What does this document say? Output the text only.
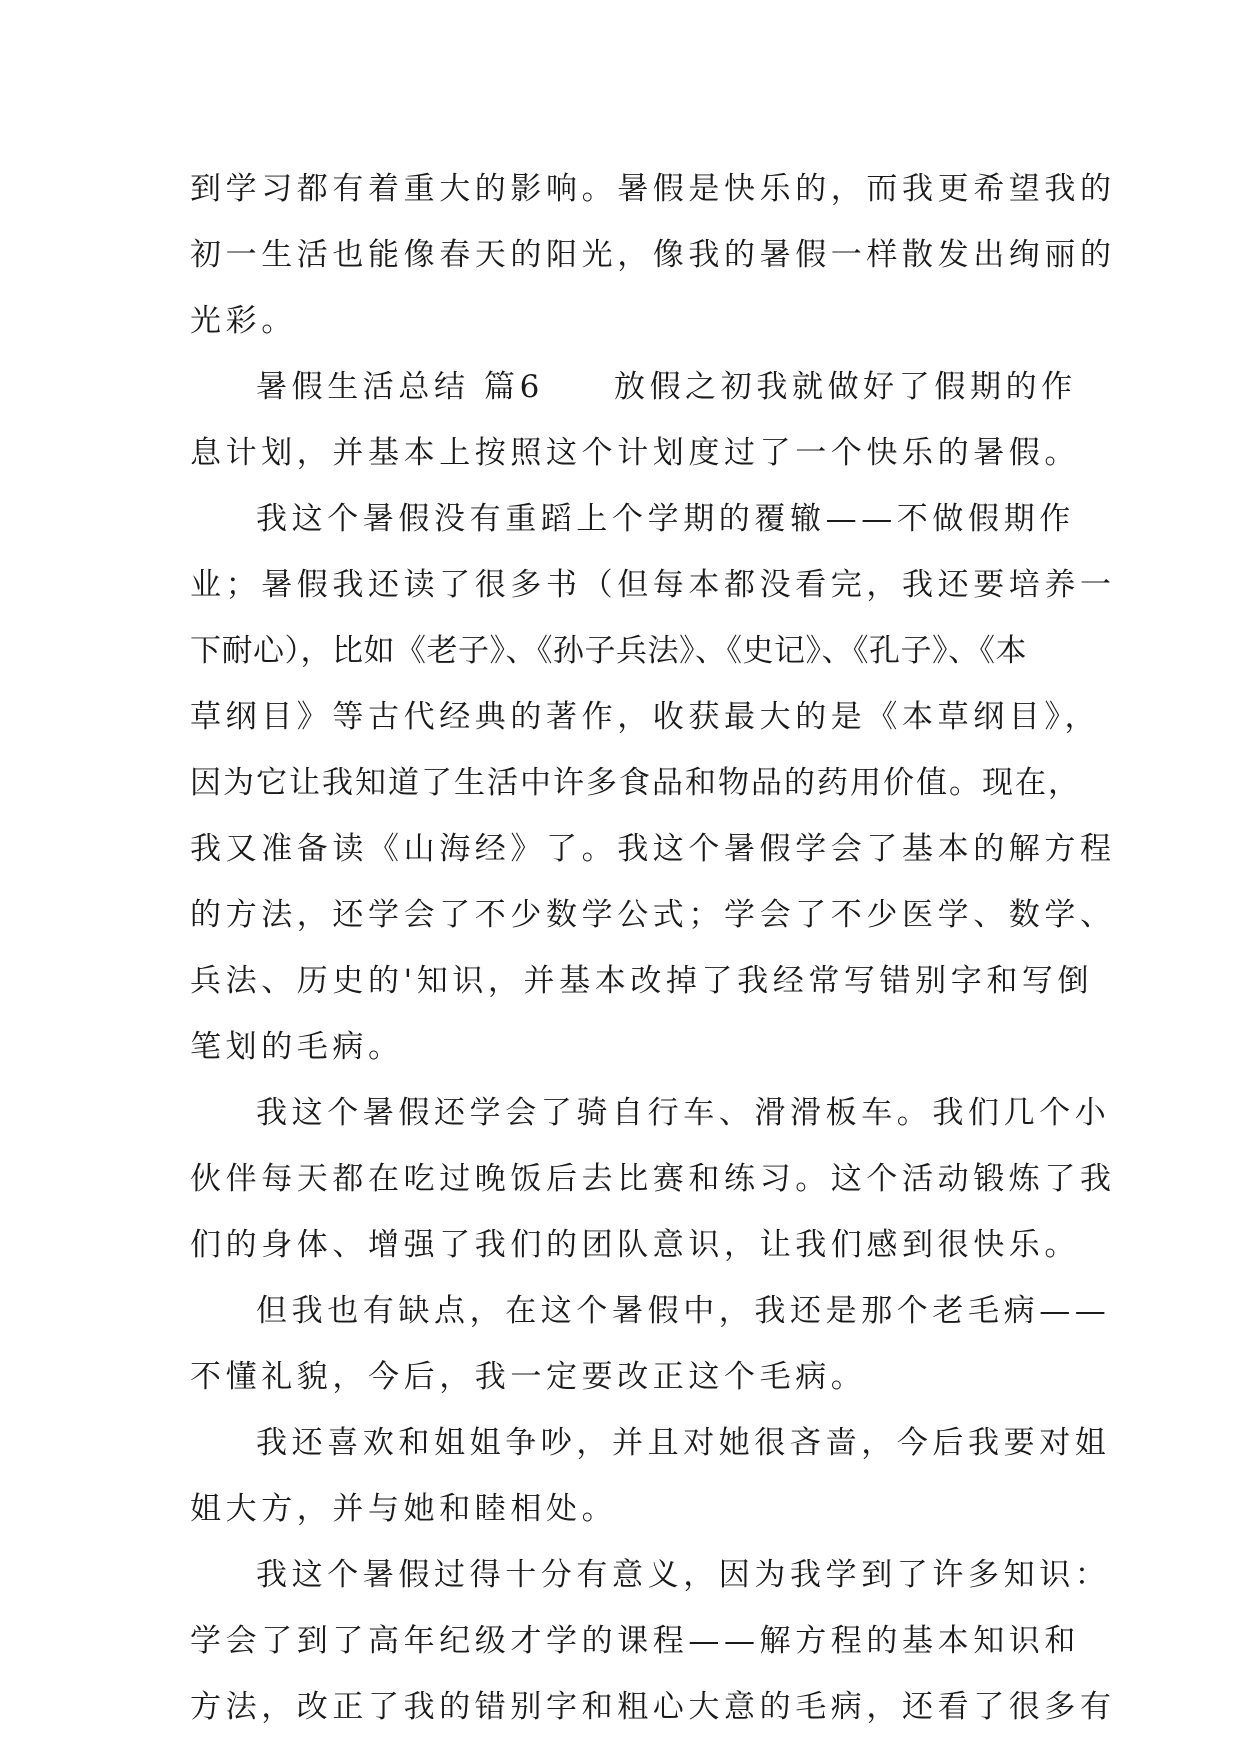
到学习都有着重大的影响。暑假是快乐的，而我更希望我的
初一生活也能像春天的阳光，像我的暑假一样散发出绚丽的
光彩。
暑假生活总结 篇6 放假之初我就做好了假期的作
息计划，并基本上按照这个计划度过了一个快乐的暑假。
我这个暑假没有重蹈上个学期的覆辙——不做假期作
业；暑假我还读了很多书（但每本都没看完，我还要培养一
下耐心），比如《老子》、《孙子兵法》、《史记》、《孔子》、《本
草纲目》等古代经典的著作，收获最大的是《本草纲目》，
因为它让我知道了生活中许多食品和物品的药用价值。现在，
我又准备读《山海经》了。我这个暑假学会了基本的解方程
的方法，还学会了不少数学公式；学会了不少医学、数学、
兵法、历史的'知识，并基本改掉了我经常写错别字和写倒
笔划的毛病。
我这个暑假还学会了骑自行车、滑滑板车。我们几个小
伙伴每天都在吃过晚饭后去比赛和练习。这个活动锻炼了我
们的身体、增强了我们的团队意识，让我们感到很快乐。
但我也有缺点，在这个暑假中，我还是那个老毛病——
不懂礼貌，今后，我一定要改正这个毛病。
我还喜欢和姐姐争吵，并且对她很吝啬，今后我要对姐
姐大方，并与她和睦相处。
我这个暑假过得十分有意义，因为我学到了许多知识：
学会了到了高年纪级才学的课程——解方程的基本知识和
方法，改正了我的错别字和粗心大意的毛病，还看了很多有
